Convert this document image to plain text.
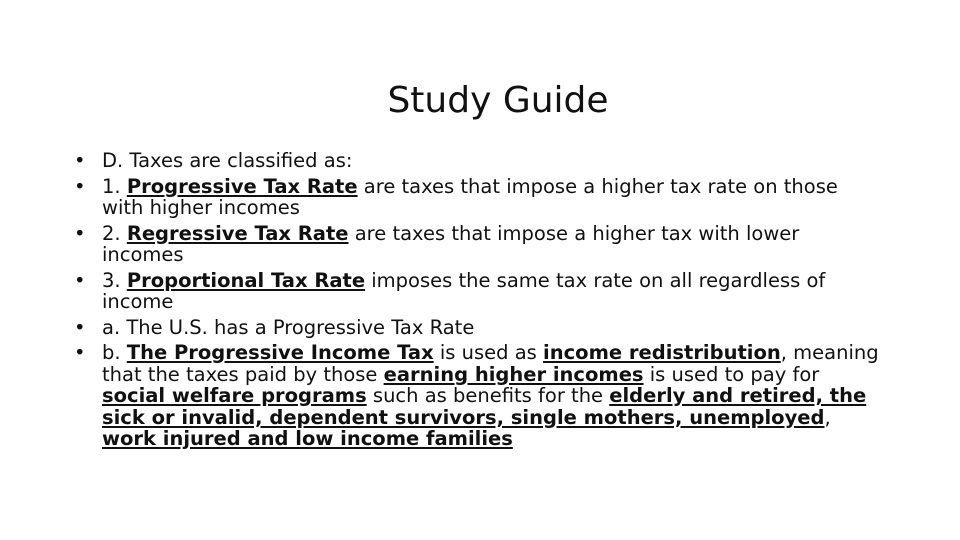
Study Guide
• D. Taxes are classified as:
• 1. Progressive Tax Rate are taxes that impose a higher tax rate on those with higher incomes
• 2. Regressive Tax Rate are taxes that impose a higher tax with lower incomes
• 3. Proportional Tax Rate imposes the same tax rate on all regardless of income
• a. The U.S. has a Progressive Tax Rate
• b. The Progressive Income Tax is used as income redistribution, meaning that the taxes paid by those earning higher incomes is used to pay for social welfare programs such as benefits for the elderly and retired, the sick or invalid, dependent survivors, single mothers, unemployed, work injured and low income families
